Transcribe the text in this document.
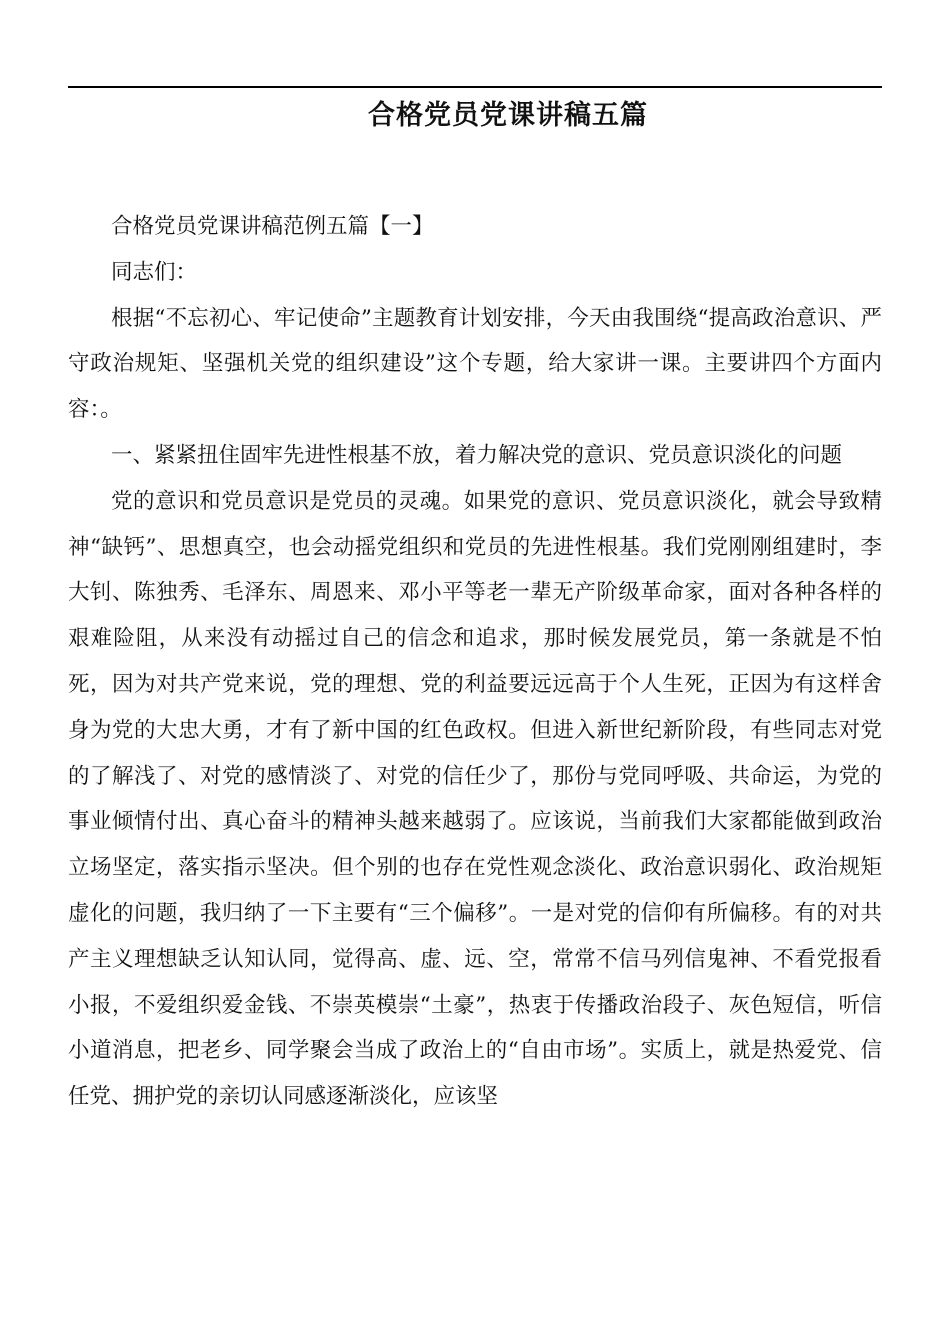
合格党员党课讲稿五篇

合格党员党课讲稿范例五篇【一】

同志们：

根据“不忘初心、牢记使命”主题教育计划安排，今天由我围绕“提高政治意识、严守政治规矩、坚强机关党的组织建设”这个专题，给大家讲一课。主要讲四个方面内容：。

一、紧紧扭住固牢先进性根基不放，着力解决党的意识、党员意识淡化的问题

党的意识和党员意识是党员的灵魂。如果党的意识、党员意识淡化，就会导致精神“缺钙”、思想真空，也会动摇党组织和党员的先进性根基。我们党刚刚组建时，李大钊、陈独秀、毛泽东、周恩来、邓小平等老一辈无产阶级革命家，面对各种各样的艰难险阻，从来没有动摇过自己的信念和追求，那时候发展党员，第一条就是不怕死，因为对共产党来说，党的理想、党的利益要远远高于个人生死，正因为有这样舍身为党的大忠大勇，才有了新中国的红色政权。但进入新世纪新阶段，有些同志对党的了解浅了、对党的感情淡了、对党的信任少了，那份与党同呼吸、共命运，为党的事业倾情付出、真心奋斗的精神头越来越弱了。应该说，当前我们大家都能做到政治立场坚定，落实指示坚决。但个别的也存在党性观念淡化、政治意识弱化、政治规矩虚化的问题，我归纳了一下主要有“三个偏移”。一是对党的信仰有所偏移。有的对共产主义理想缺乏认知认同，觉得高、虚、远、空，常常不信马列信鬼神、不看党报看小报，不爱组织爱金钱、不崇英模崇“土豪”，热衷于传播政治段子、灰色短信，听信小道消息，把老乡、同学聚会当成了政治上的“自由市场”。实质上，就是热爱党、信任党、拥护党的亲切认同感逐渐淡化，应该坚
